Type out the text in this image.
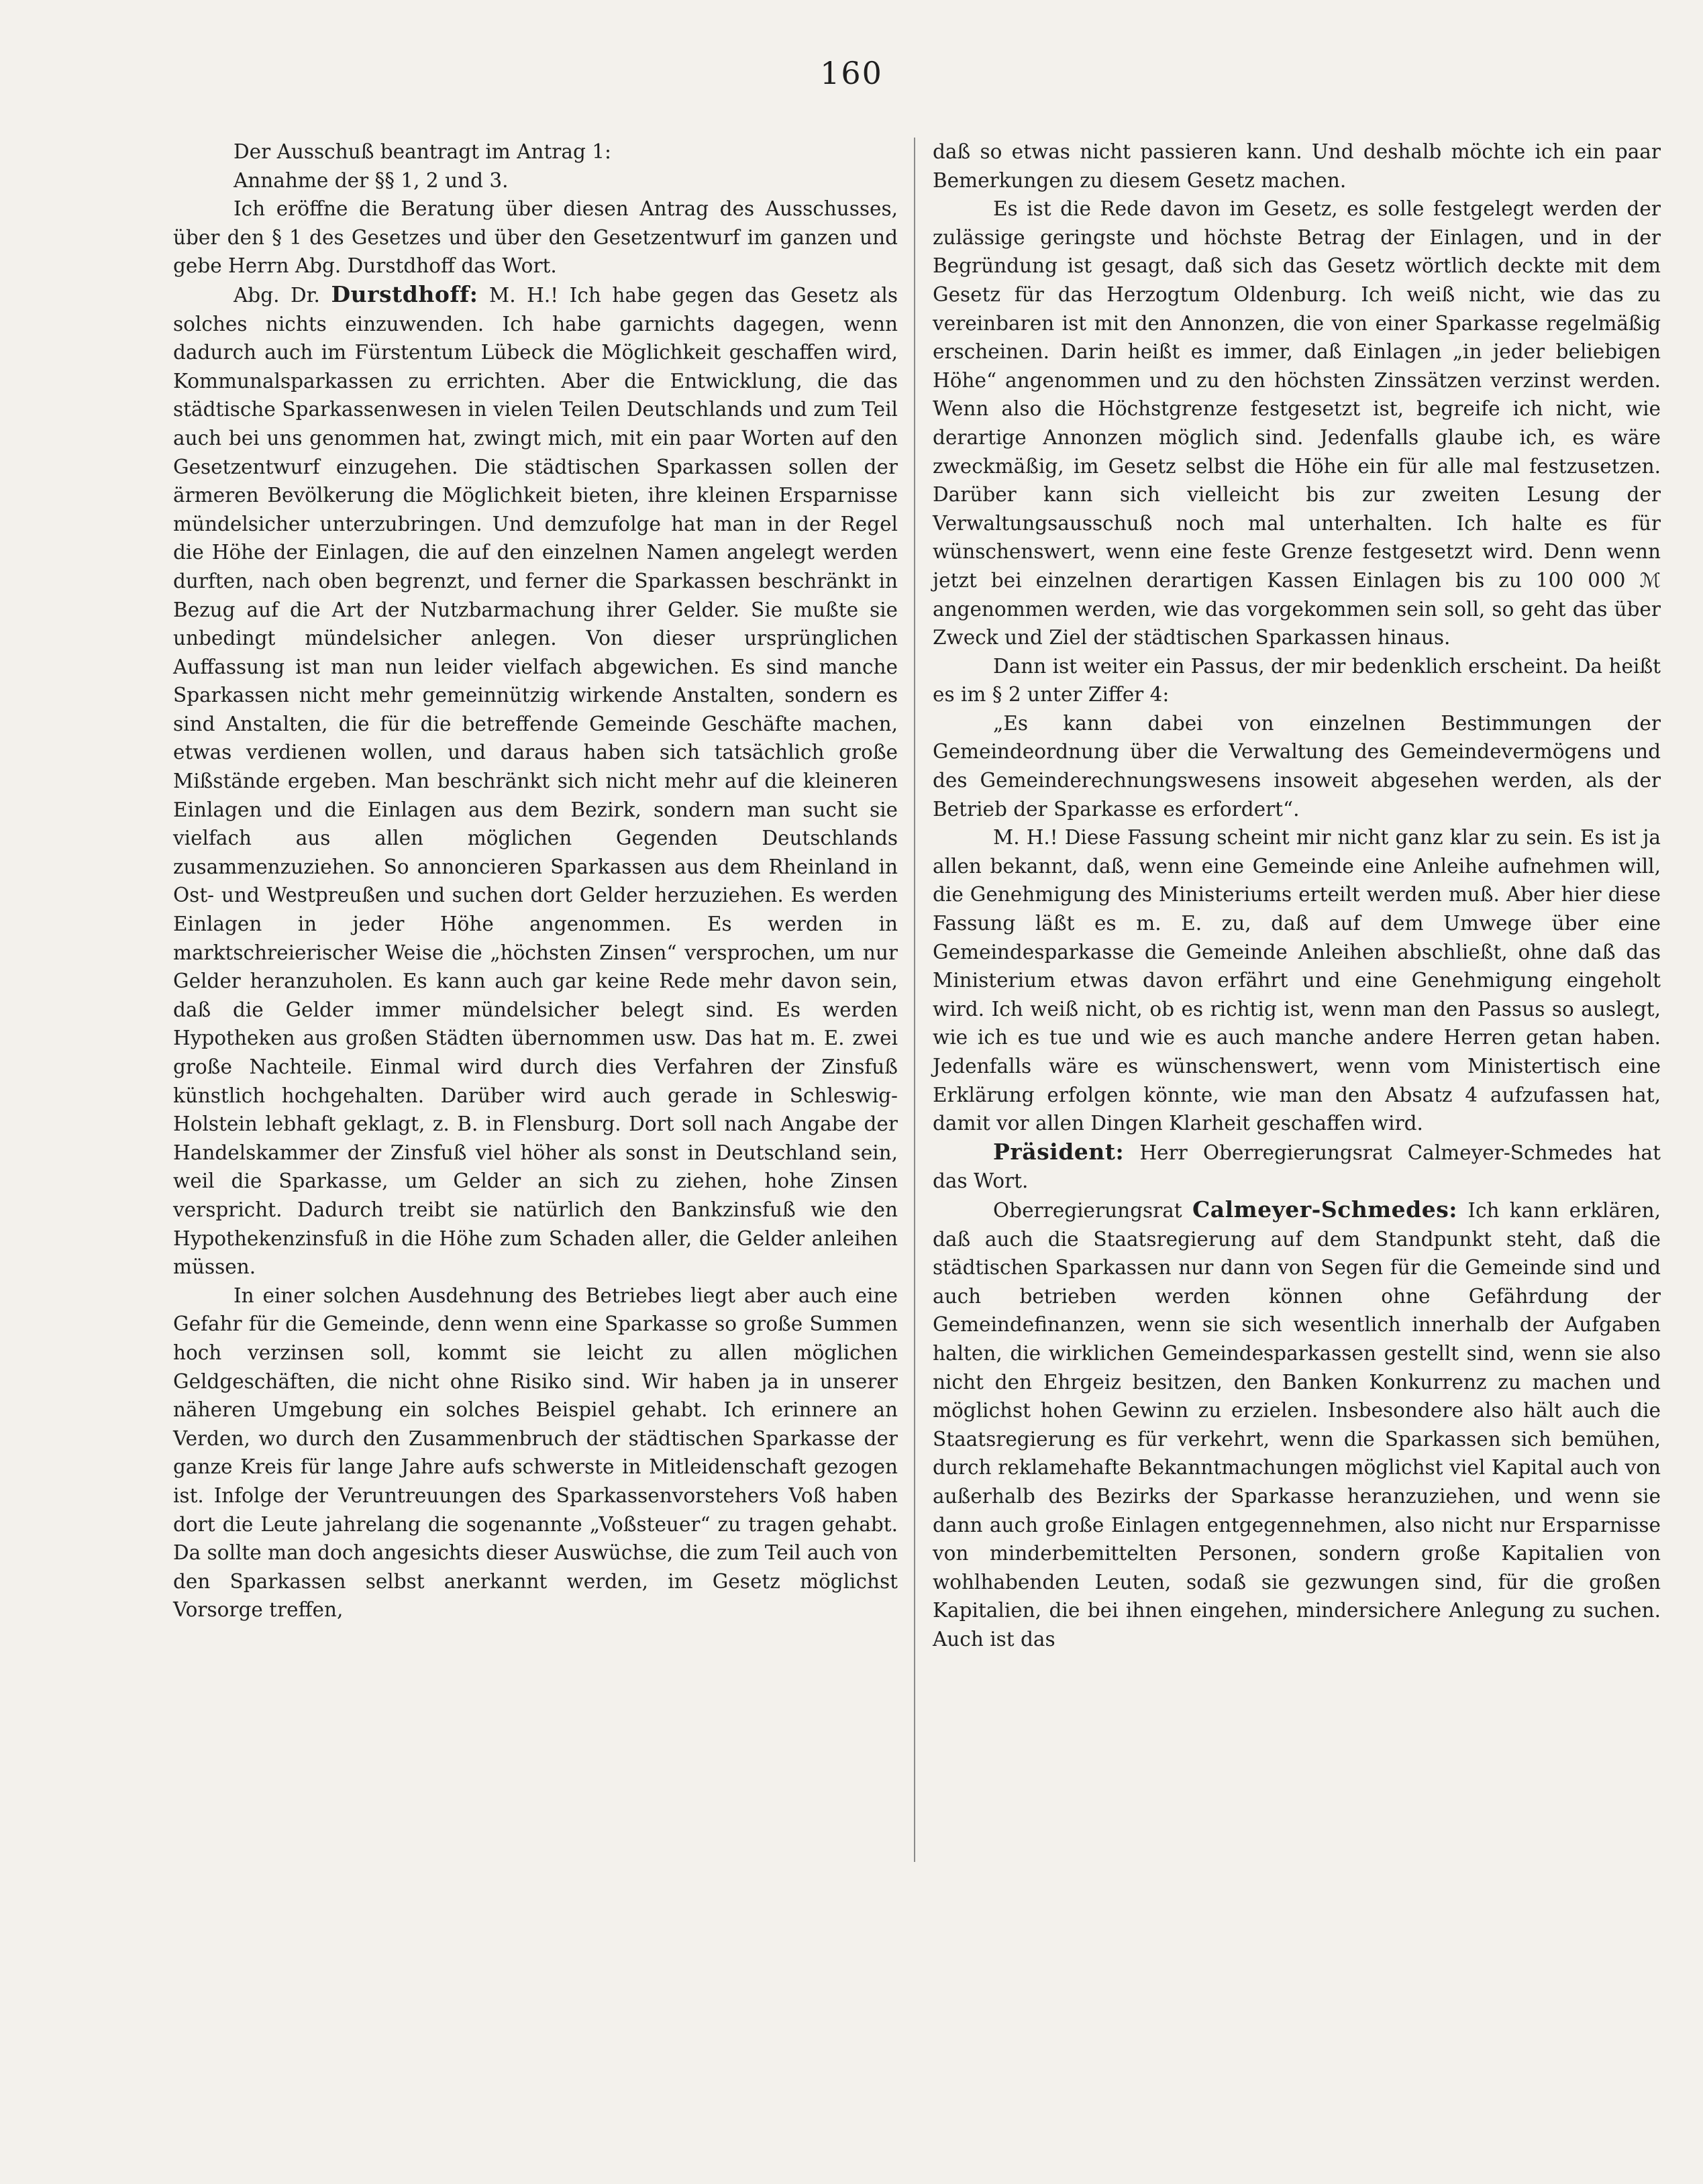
160

Der Ausschuß beantragt im Antrag 1:

Annahme der §§ 1, 2 und 3.

Ich eröffne die Beratung über diesen Antrag des Ausschusses, über den § 1 des Gesetzes und über den Gesetzentwurf im ganzen und gebe Herrn Abg. Durstdhoff das Wort.

Abg. Dr. Durstdhoff: M. H.! Ich habe gegen das Gesetz als solches nichts einzuwenden. Ich habe garnichts dagegen, wenn dadurch auch im Fürstentum Lübeck die Möglichkeit geschaffen wird, Kommunalsparkassen zu errichten. Aber die Entwicklung, die das städtische Sparkassenwesen in vielen Teilen Deutschlands und zum Teil auch bei uns genommen hat, zwingt mich, mit ein paar Worten auf den Gesetzentwurf einzugehen. Die städtischen Sparkassen sollen der ärmeren Bevölkerung die Möglichkeit bieten, ihre kleinen Ersparnisse mündelsicher unterzubringen. Und demzufolge hat man in der Regel die Höhe der Einlagen, die auf den einzelnen Namen angelegt werden durften, nach oben begrenzt, und ferner die Sparkassen beschränkt in Bezug auf die Art der Nutzbarmachung ihrer Gelder. Sie mußte sie unbedingt mündelsicher anlegen. Von dieser ursprünglichen Auffassung ist man nun leider vielfach abgewichen. Es sind manche Sparkassen nicht mehr gemeinnützig wirkende Anstalten, sondern es sind Anstalten, die für die betreffende Gemeinde Geschäfte machen, etwas verdienen wollen, und daraus haben sich tatsächlich große Mißstände ergeben. Man beschränkt sich nicht mehr auf die kleineren Einlagen und die Einlagen aus dem Bezirk, sondern man sucht sie vielfach aus allen möglichen Gegenden Deutschlands zusammenzuziehen. So annoncieren Sparkassen aus dem Rheinland in Ost- und Westpreußen und suchen dort Gelder herzuziehen. Es werden Einlagen in jeder Höhe angenommen. Es werden in marktschreierischer Weise die „höchsten Zinsen“ versprochen, um nur Gelder heranzuholen. Es kann auch gar keine Rede mehr davon sein, daß die Gelder immer mündelsicher belegt sind. Es werden Hypotheken aus großen Städten übernommen usw. Das hat m. E. zwei große Nachteile. Einmal wird durch dies Verfahren der Zinsfuß künstlich hochgehalten. Darüber wird auch gerade in Schleswig-Holstein lebhaft geklagt, z. B. in Flensburg. Dort soll nach Angabe der Handelskammer der Zinsfuß viel höher als sonst in Deutschland sein, weil die Sparkasse, um Gelder an sich zu ziehen, hohe Zinsen verspricht. Dadurch treibt sie natürlich den Bankzinsfuß wie den Hypothekenzinsfuß in die Höhe zum Schaden aller, die Gelder anleihen müssen.

In einer solchen Ausdehnung des Betriebes liegt aber auch eine Gefahr für die Gemeinde, denn wenn eine Sparkasse so große Summen hoch verzinsen soll, kommt sie leicht zu allen möglichen Geldgeschäften, die nicht ohne Risiko sind. Wir haben ja in unserer näheren Umgebung ein solches Beispiel gehabt. Ich erinnere an Verden, wo durch den Zusammenbruch der städtischen Sparkasse der ganze Kreis für lange Jahre aufs schwerste in Mitleidenschaft gezogen ist. Infolge der Veruntreuungen des Sparkassenvorstehers Voß haben dort die Leute jahrelang die sogenannte „Voßsteuer“ zu tragen gehabt. Da sollte man doch angesichts dieser Auswüchse, die zum Teil auch von den Sparkassen selbst anerkannt werden, im Gesetz möglichst Vorsorge treffen,

daß so etwas nicht passieren kann. Und deshalb möchte ich ein paar Bemerkungen zu diesem Gesetz machen.

Es ist die Rede davon im Gesetz, es solle festgelegt werden der zulässige geringste und höchste Betrag der Einlagen, und in der Begründung ist gesagt, daß sich das Gesetz wörtlich deckte mit dem Gesetz für das Herzogtum Oldenburg. Ich weiß nicht, wie das zu vereinbaren ist mit den Annonzen, die von einer Sparkasse regelmäßig erscheinen. Darin heißt es immer, daß Einlagen „in jeder beliebigen Höhe“ angenommen und zu den höchsten Zinssätzen verzinst werden. Wenn also die Höchstgrenze festgesetzt ist, begreife ich nicht, wie derartige Annonzen möglich sind. Jedenfalls glaube ich, es wäre zweckmäßig, im Gesetz selbst die Höhe ein für alle mal festzusetzen. Darüber kann sich vielleicht bis zur zweiten Lesung der Verwaltungsausschuß noch mal unterhalten. Ich halte es für wünschenswert, wenn eine feste Grenze festgesetzt wird. Denn wenn jetzt bei einzelnen derartigen Kassen Einlagen bis zu 100 000 ℳ angenommen werden, wie das vorgekommen sein soll, so geht das über Zweck und Ziel der städtischen Sparkassen hinaus.

Dann ist weiter ein Passus, der mir bedenklich erscheint. Da heißt es im § 2 unter Ziffer 4:

„Es kann dabei von einzelnen Bestimmungen der Gemeindeordnung über die Verwaltung des Gemeindevermögens und des Gemeinderechnungswesens insoweit abgesehen werden, als der Betrieb der Sparkasse es erfordert“.

M. H.! Diese Fassung scheint mir nicht ganz klar zu sein. Es ist ja allen bekannt, daß, wenn eine Gemeinde eine Anleihe aufnehmen will, die Genehmigung des Ministeriums erteilt werden muß. Aber hier diese Fassung läßt es m. E. zu, daß auf dem Umwege über eine Gemeindesparkasse die Gemeinde Anleihen abschließt, ohne daß das Ministerium etwas davon erfährt und eine Genehmigung eingeholt wird. Ich weiß nicht, ob es richtig ist, wenn man den Passus so auslegt, wie ich es tue und wie es auch manche andere Herren getan haben. Jedenfalls wäre es wünschenswert, wenn vom Ministertisch eine Erklärung erfolgen könnte, wie man den Absatz 4 aufzufassen hat, damit vor allen Dingen Klarheit geschaffen wird.

Präsident: Herr Oberregierungsrat Calmeyer-Schmedes hat das Wort.

Oberregierungsrat Calmeyer-Schmedes: Ich kann erklären, daß auch die Staatsregierung auf dem Standpunkt steht, daß die städtischen Sparkassen nur dann von Segen für die Gemeinde sind und auch betrieben werden können ohne Gefährdung der Gemeindefinanzen, wenn sie sich wesentlich innerhalb der Aufgaben halten, die wirklichen Gemeindesparkassen gestellt sind, wenn sie also nicht den Ehrgeiz besitzen, den Banken Konkurrenz zu machen und möglichst hohen Gewinn zu erzielen. Insbesondere also hält auch die Staatsregierung es für verkehrt, wenn die Sparkassen sich bemühen, durch reklamehafte Bekanntmachungen möglichst viel Kapital auch von außerhalb des Bezirks der Sparkasse heranzuziehen, und wenn sie dann auch große Einlagen entgegennehmen, also nicht nur Ersparnisse von minderbemittelten Personen, sondern große Kapitalien von wohlhabenden Leuten, sodaß sie gezwungen sind, für die großen Kapitalien, die bei ihnen eingehen, mindersichere Anlegung zu suchen. Auch ist das
